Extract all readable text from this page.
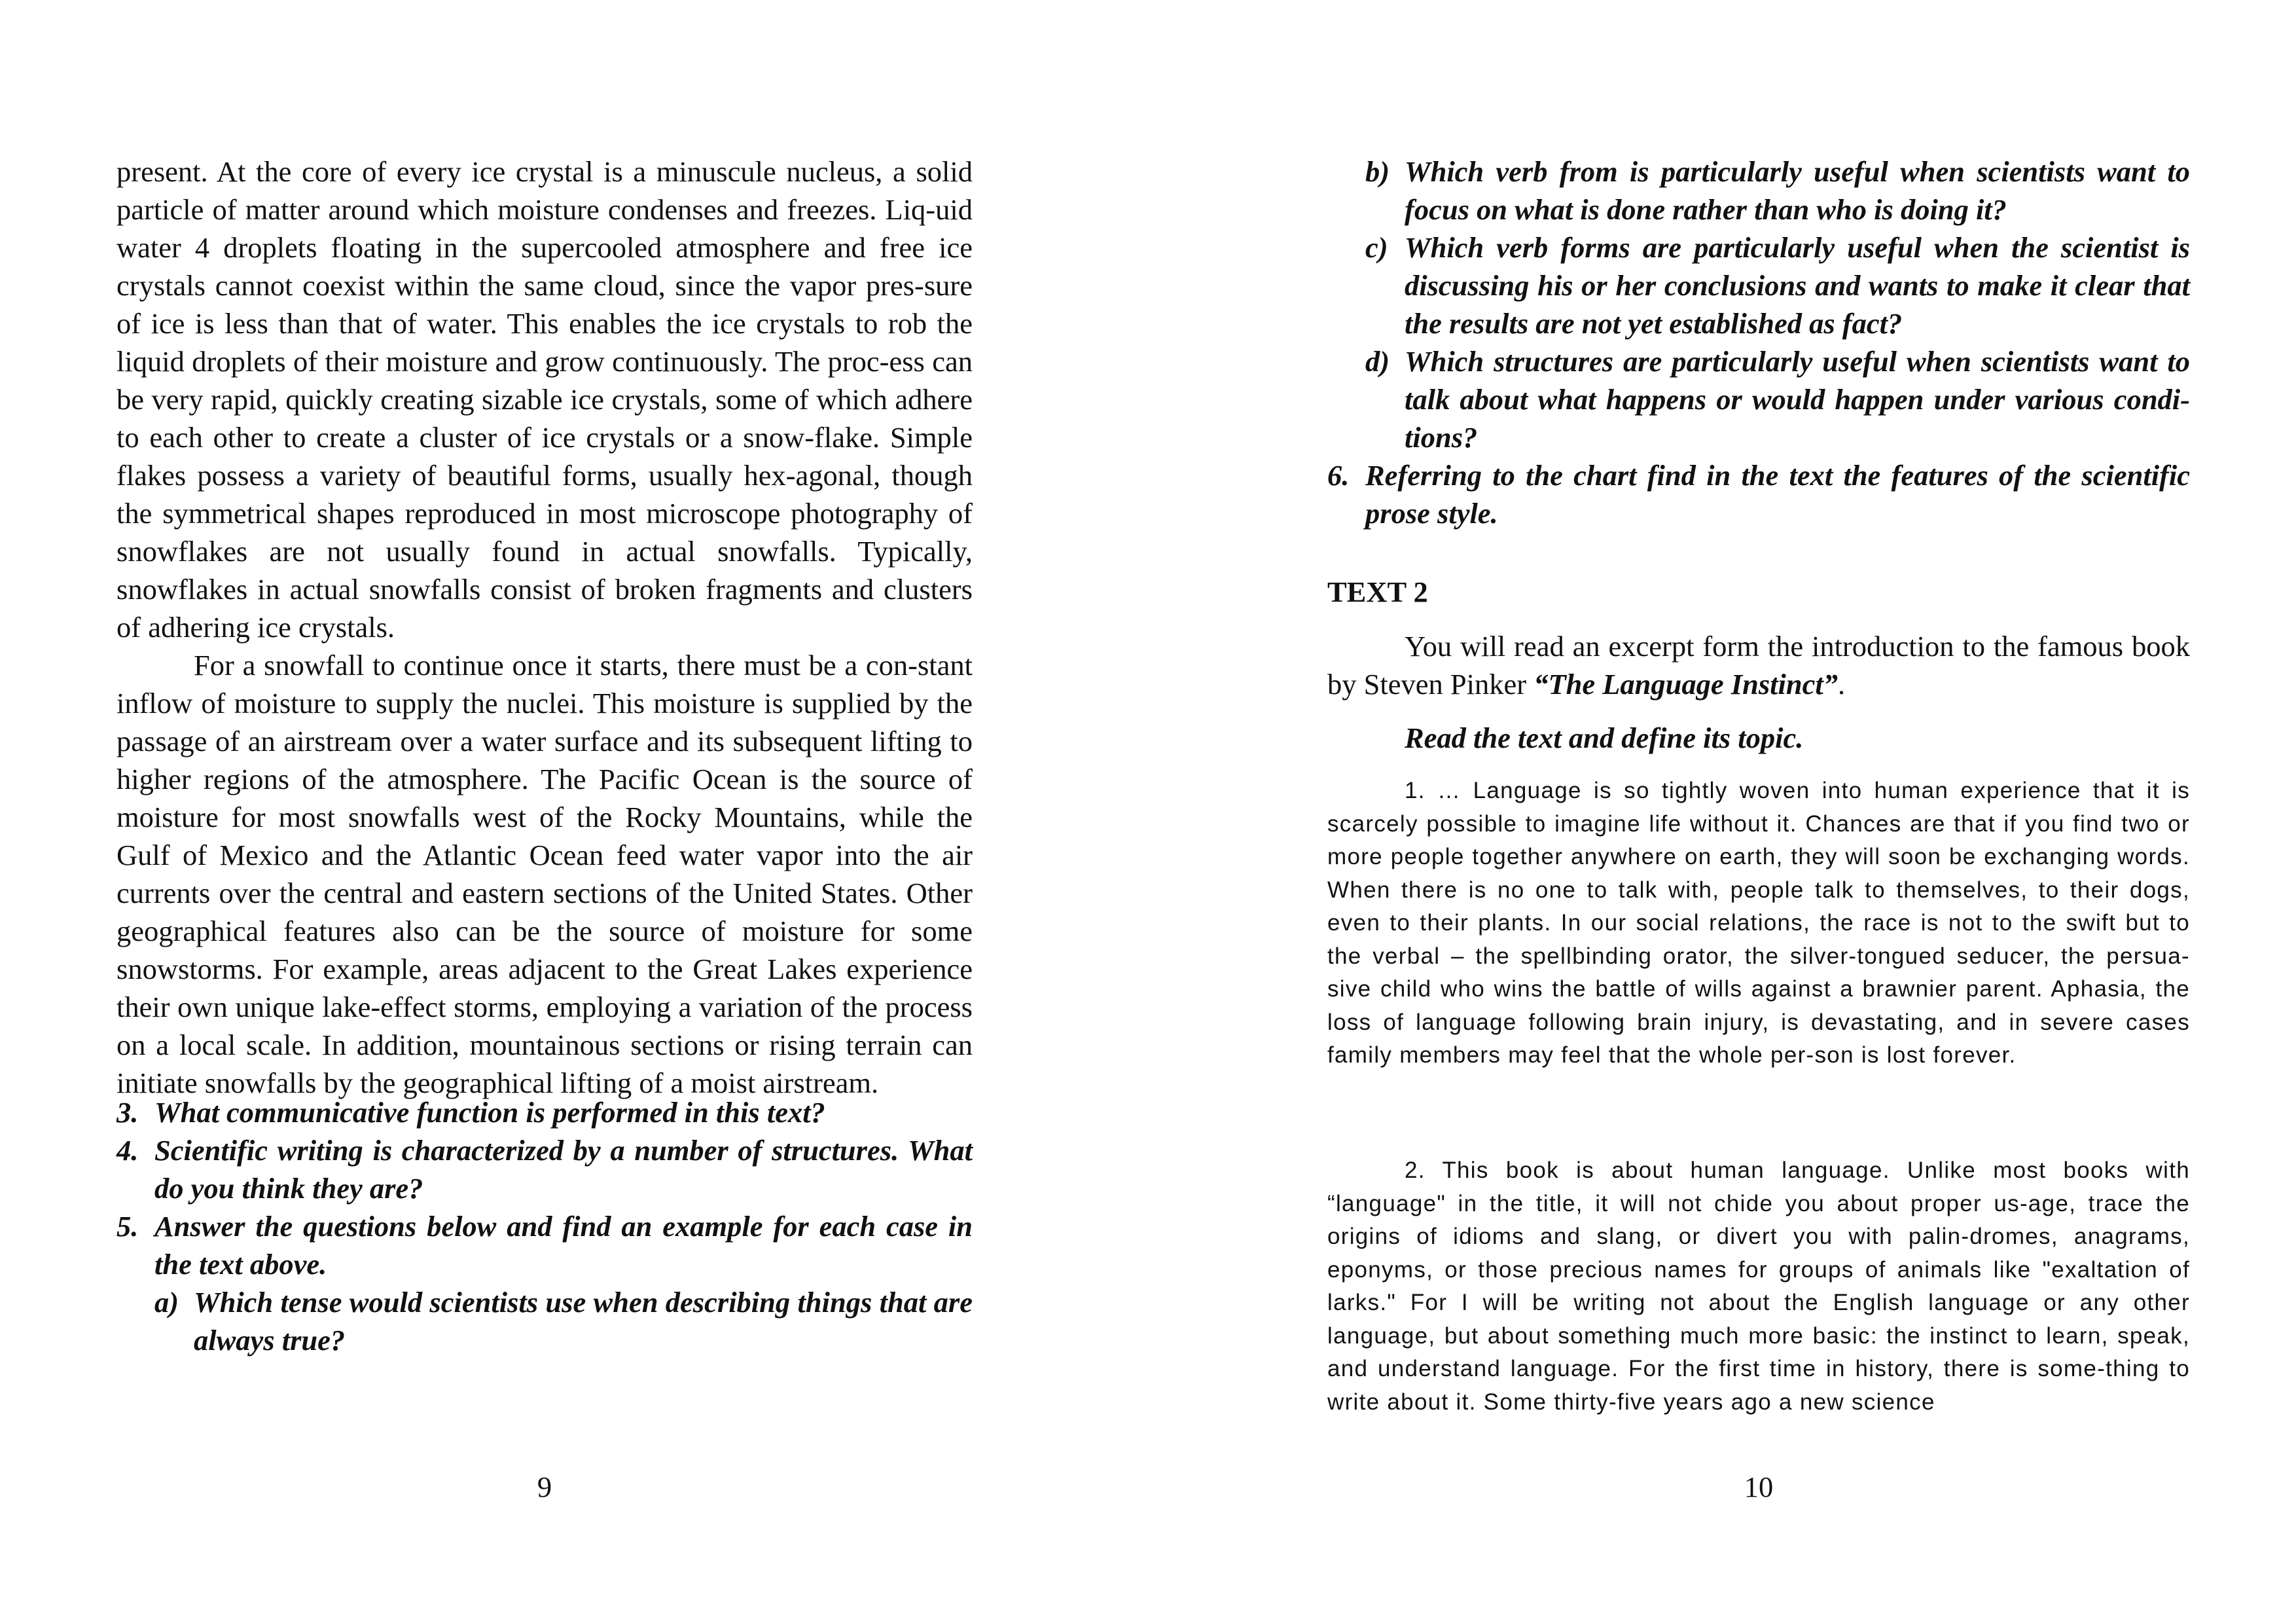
present. At the core of every ice crystal is a minuscule nucleus, a solid particle of matter around which moisture condenses and freezes. Liq-uid water 4 droplets floating in the supercooled atmosphere and free ice crystals cannot coexist within the same cloud, since the vapor pres-sure of ice is less than that of water. This enables the ice crystals to rob the liquid droplets of their moisture and grow continuously. The proc-ess can be very rapid, quickly creating sizable ice crystals, some of which adhere to each other to create a cluster of ice crystals or a snow-flake. Simple flakes possess a variety of beautiful forms, usually hex-agonal, though the symmetrical shapes reproduced in most microscope photography of snowflakes are not usually found in actual snowfalls. Typically, snowflakes in actual snowfalls consist of broken fragments and clusters of adhering ice crystals.

For a snowfall to continue once it starts, there must be a con-stant inflow of moisture to supply the nuclei. This moisture is supplied by the passage of an airstream over a water surface and its subsequent lifting to higher regions of the atmosphere. The Pacific Ocean is the source of moisture for most snowfalls west of the Rocky Mountains, while the Gulf of Mexico and the Atlantic Ocean feed water vapor into the air currents over the central and eastern sections of the United States. Other geographical features also can be the source of moisture for some snowstorms. For example, areas adjacent to the Great Lakes experience their own unique lake-effect storms, employing a variation of the process on a local scale. In addition, mountainous sections or rising terrain can initiate snowfalls by the geographical lifting of a moist airstream.

3. What communicative function is performed in this text?
4. Scientific writing is characterized by a number of structures. What do you think they are?
5. Answer the questions below and find an example for each case in the text above.
a) Which tense would scientists use when describing things that are always true?
9
b) Which verb from is particularly useful when scientists want to focus on what is done rather than who is doing it?
c) Which verb forms are particularly useful when the scientist is discussing his or her conclusions and wants to make it clear that the results are not yet established as fact?
d) Which structures are particularly useful when scientists want to talk about what happens or would happen under various condi-tions?
6. Referring to the chart find in the text the features of the scientific prose style.
TEXT 2

You will read an excerpt form the introduction to the famous book by Steven Pinker “The Language Instinct”.

Read the text and define its topic.

1. … Language is so tightly woven into human experience that it is scarcely possible to imagine life without it. Chances are that if you find two or more people together anywhere on earth, they will soon be exchanging words. When there is no one to talk with, people talk to themselves, to their dogs, even to their plants. In our social relations, the race is not to the swift but to the verbal – the spellbinding orator, the silver-tongued seducer, the persua-sive child who wins the battle of wills against a brawnier parent. Aphasia, the loss of language following brain injury, is devastating, and in severe cases family members may feel that the whole per-son is lost forever.

2. This book is about human language. Unlike most books with “language" in the title, it will not chide you about proper us-age, trace the origins of idioms and slang, or divert you with palin-dromes, anagrams, eponyms, or those precious names for groups of animals like "exaltation of larks." For I will be writing not about the English language or any other language, but about something much more basic: the instinct to learn, speak, and understand language. For the first time in history, there is some-thing to write about it. Some thirty-five years ago a new science

10
